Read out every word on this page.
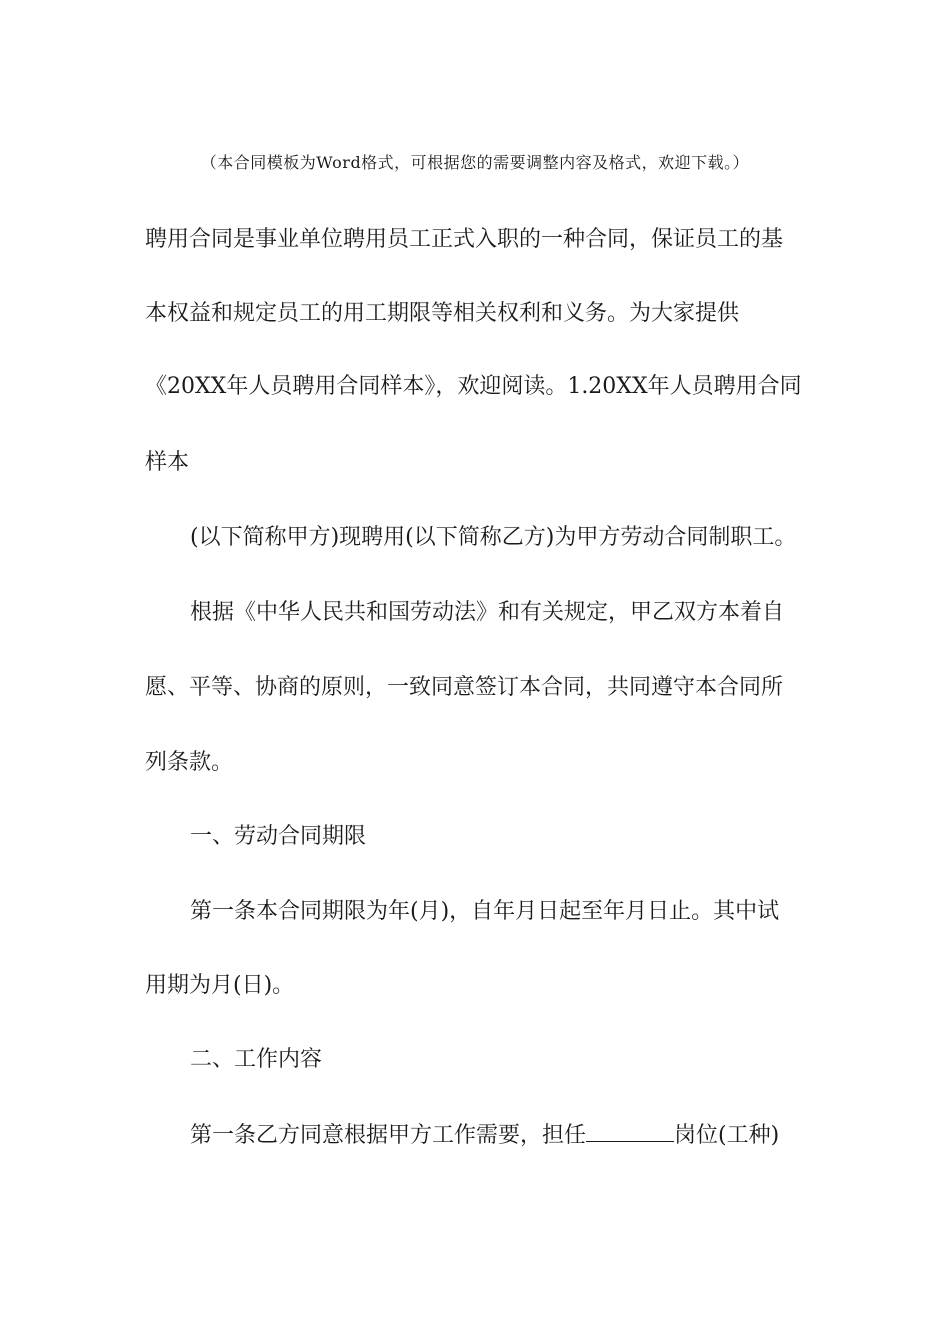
（本合同模板为Word格式，可根据您的需要调整内容及格式，欢迎下载。）
聘用合同是事业单位聘用员工正式入职的一种合同，保证员工的基
本权益和规定员工的用工期限等相关权利和义务。为大家提供
《20XX年人员聘用合同样本》，欢迎阅读。1.20XX年人员聘用合同
样本
(以下简称甲方)现聘用(以下简称乙方)为甲方劳动合同制职工。
根据《中华人民共和国劳动法》和有关规定，甲乙双方本着自
愿、平等、协商的原则，一致同意签订本合同，共同遵守本合同所
列条款。
一、劳动合同期限
第一条本合同期限为年(月)，自年月日起至年月日止。其中试
用期为月(日)。
二、工作内容
第一条乙方同意根据甲方工作需要，担任	岗位(工种)
